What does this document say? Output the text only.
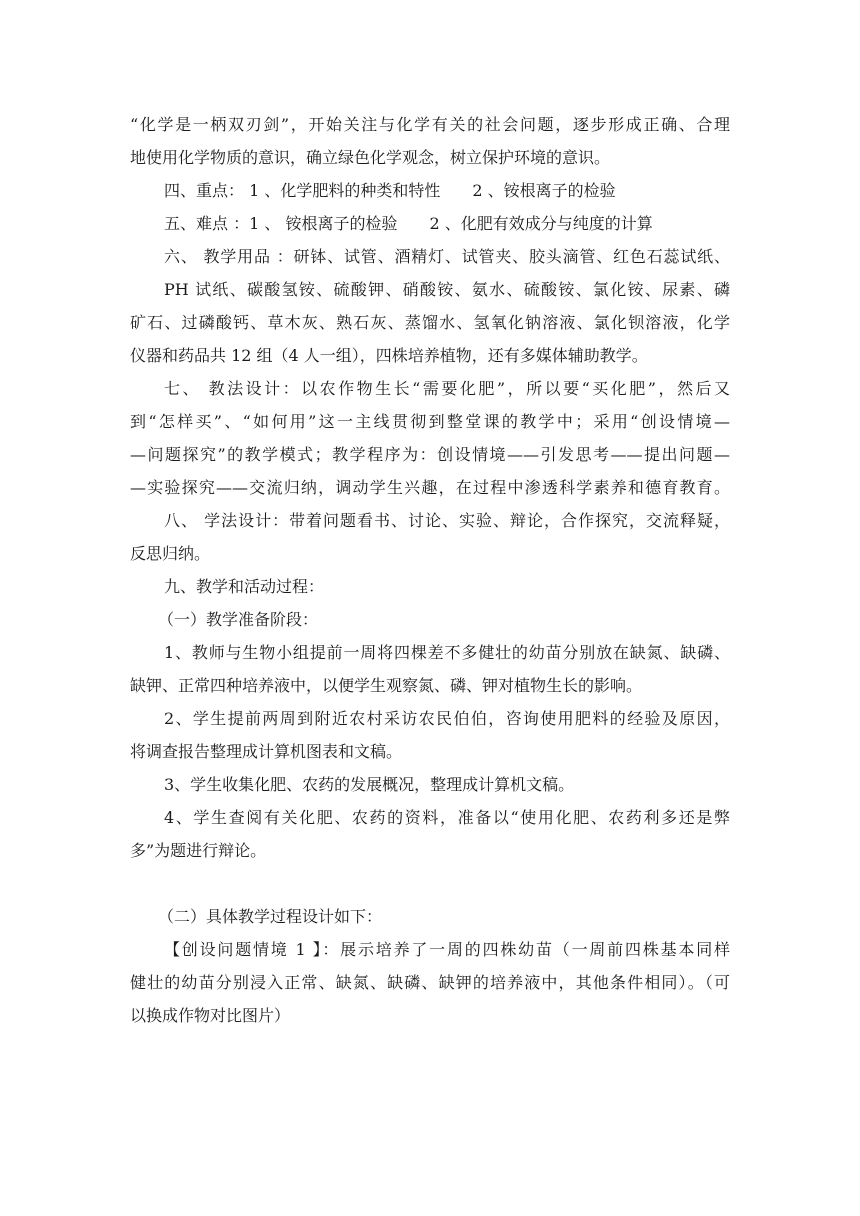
“化学是一柄双刃剑”，开始关注与化学有关的社会问题，逐步形成正确、合理
地使用化学物质的意识，确立绿色化学观念，树立保护环境的意识。
四、重点： 1 、化学肥料的种类和特性　　2 、铵根离子的检验
五、难点 ：1 、 铵根离子的检验　　2 、化肥有效成分与纯度的计算
六、 教学用品 ：研钵、试管、酒精灯、试管夹、胶头滴管、红色石蕊试纸、
PH 试纸、碳酸氢铵、硫酸钾、硝酸铵、氨水、硫酸铵、氯化铵、尿素、磷
矿石、过磷酸钙、草木灰、熟石灰、蒸馏水、氢氧化钠溶液、氯化钡溶液，化学
仪器和药品共 12 组（4 人一组），四株培养植物，还有多媒体辅助教学。
七、 教法设计：以农作物生长“需要化肥”，所以要“买化肥”，然后又
到“怎样买”、“如何用”这一主线贯彻到整堂课的教学中；采用“创设情境—
—问题探究”的教学模式；教学程序为：创设情境——引发思考——提出问题—
—实验探究——交流归纳，调动学生兴趣，在过程中渗透科学素养和德育教育。
八、 学法设计：带着问题看书、讨论、实验、辩论，合作探究，交流释疑，
反思归纳。
九、教学和活动过程：
（一）教学准备阶段：
1、教师与生物小组提前一周将四棵差不多健壮的幼苗分别放在缺氮、缺磷、
缺钾、正常四种培养液中，以便学生观察氮、磷、钾对植物生长的影响。
2、学生提前两周到附近农村采访农民伯伯，咨询使用肥料的经验及原因，
将调查报告整理成计算机图表和文稿。
3、学生收集化肥、农药的发展概况，整理成计算机文稿。
4、学生查阅有关化肥、农药的资料，准备以“使用化肥、农药利多还是弊
多”为题进行辩论。
（二）具体教学过程设计如下：
【创设问题情境 1 】：展示培养了一周的四株幼苗（一周前四株基本同样
健壮的幼苗分别浸入正常、缺氮、缺磷、缺钾的培养液中，其他条件相同）。（可
以换成作物对比图片）
